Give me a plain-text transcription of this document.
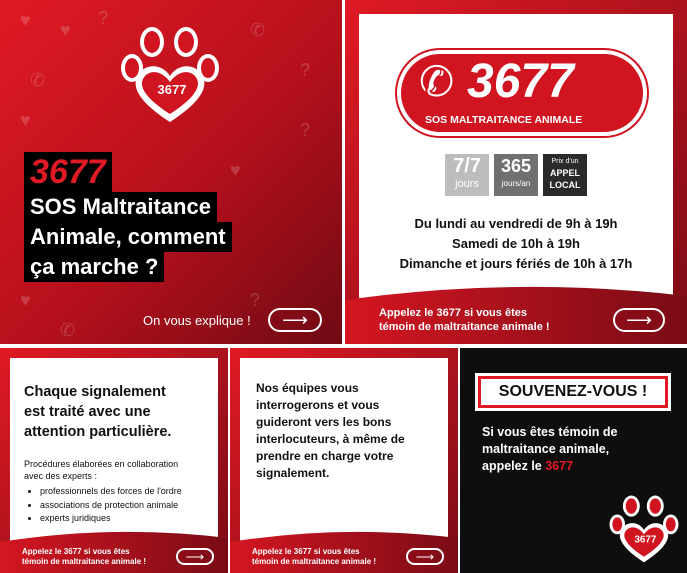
♥ ♥
?
✆
?
✆
♥
♥
?
♥
✆
?
3677
3677
SOS Maltraitance
Animale, comment
ça marche ?
On vous explique ! ⟶
✆ 3677
SOS MALTRAITANCE ANIMALE
7/7
jours
365
jours/an
Prix d'un
APPEL
LOCAL
Du lundi au vendredi de 9h à 19h
Samedi de 10h à 19h
Dimanche et jours fériés de 10h à 17h
Appelez le 3677 si vous êtes
témoin de maltraitance animale !	⟶
Chaque signalement
est traité avec une
attention particulière.
Procédures élaborées en collaboration
avec des experts :
• professionnels des forces de l'ordre
• associations de protection animale
• experts juridiques
Appelez le 3677 si vous êtes
témoin de maltraitance animale !	⟶
Nos équipes vous
interrogerons et vous
guideront vers les bons
interlocuteurs, à même de
prendre en charge votre
signalement.
Appelez le 3677 si vous êtes
témoin de maltraitance animale !	⟶
SOUVENEZ-VOUS !
Si vous êtes témoin de
maltraitance animale,
appelez le 3677
3677
